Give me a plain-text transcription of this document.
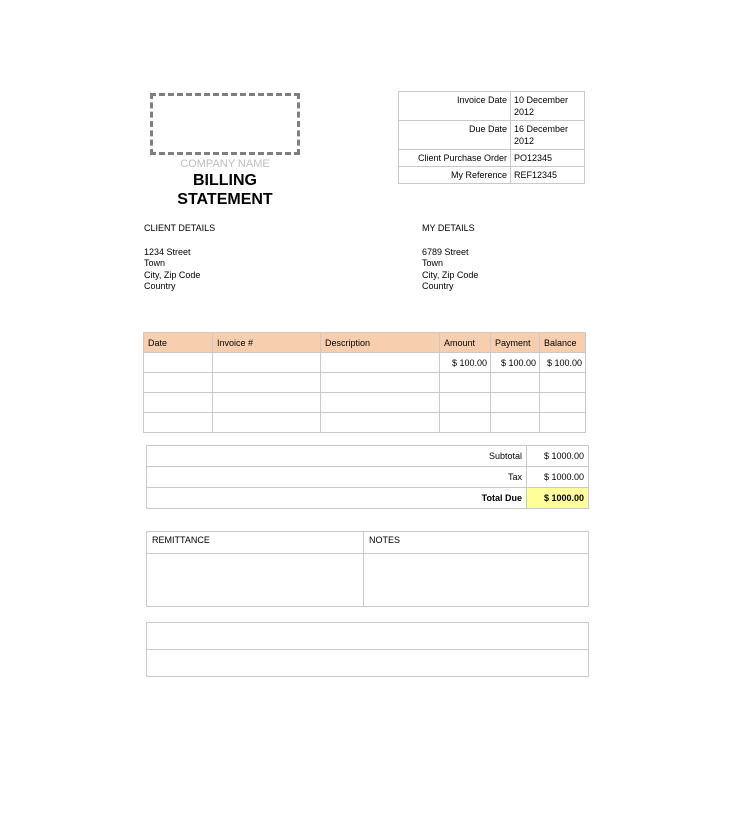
COMPANY NAME
BILLING
STATEMENT
Invoice Date	10 December 2012
Due Date	16 December 2012
Client Purchase Order	PO12345
My Reference	REF12345
CLIENT DETAILS
1234 Street
Town
City, Zip Code
Country
MY DETAILS
6789 Street
Town
City, Zip Code
Country
Date	Invoice #	Description	Amount	Payment	Balance
			$ 100.00	$ 100.00	$ 100.00

Subtotal	$ 1000.00
Tax	$ 1000.00
Total Due	$ 1000.00
REMITTANCE	NOTES
